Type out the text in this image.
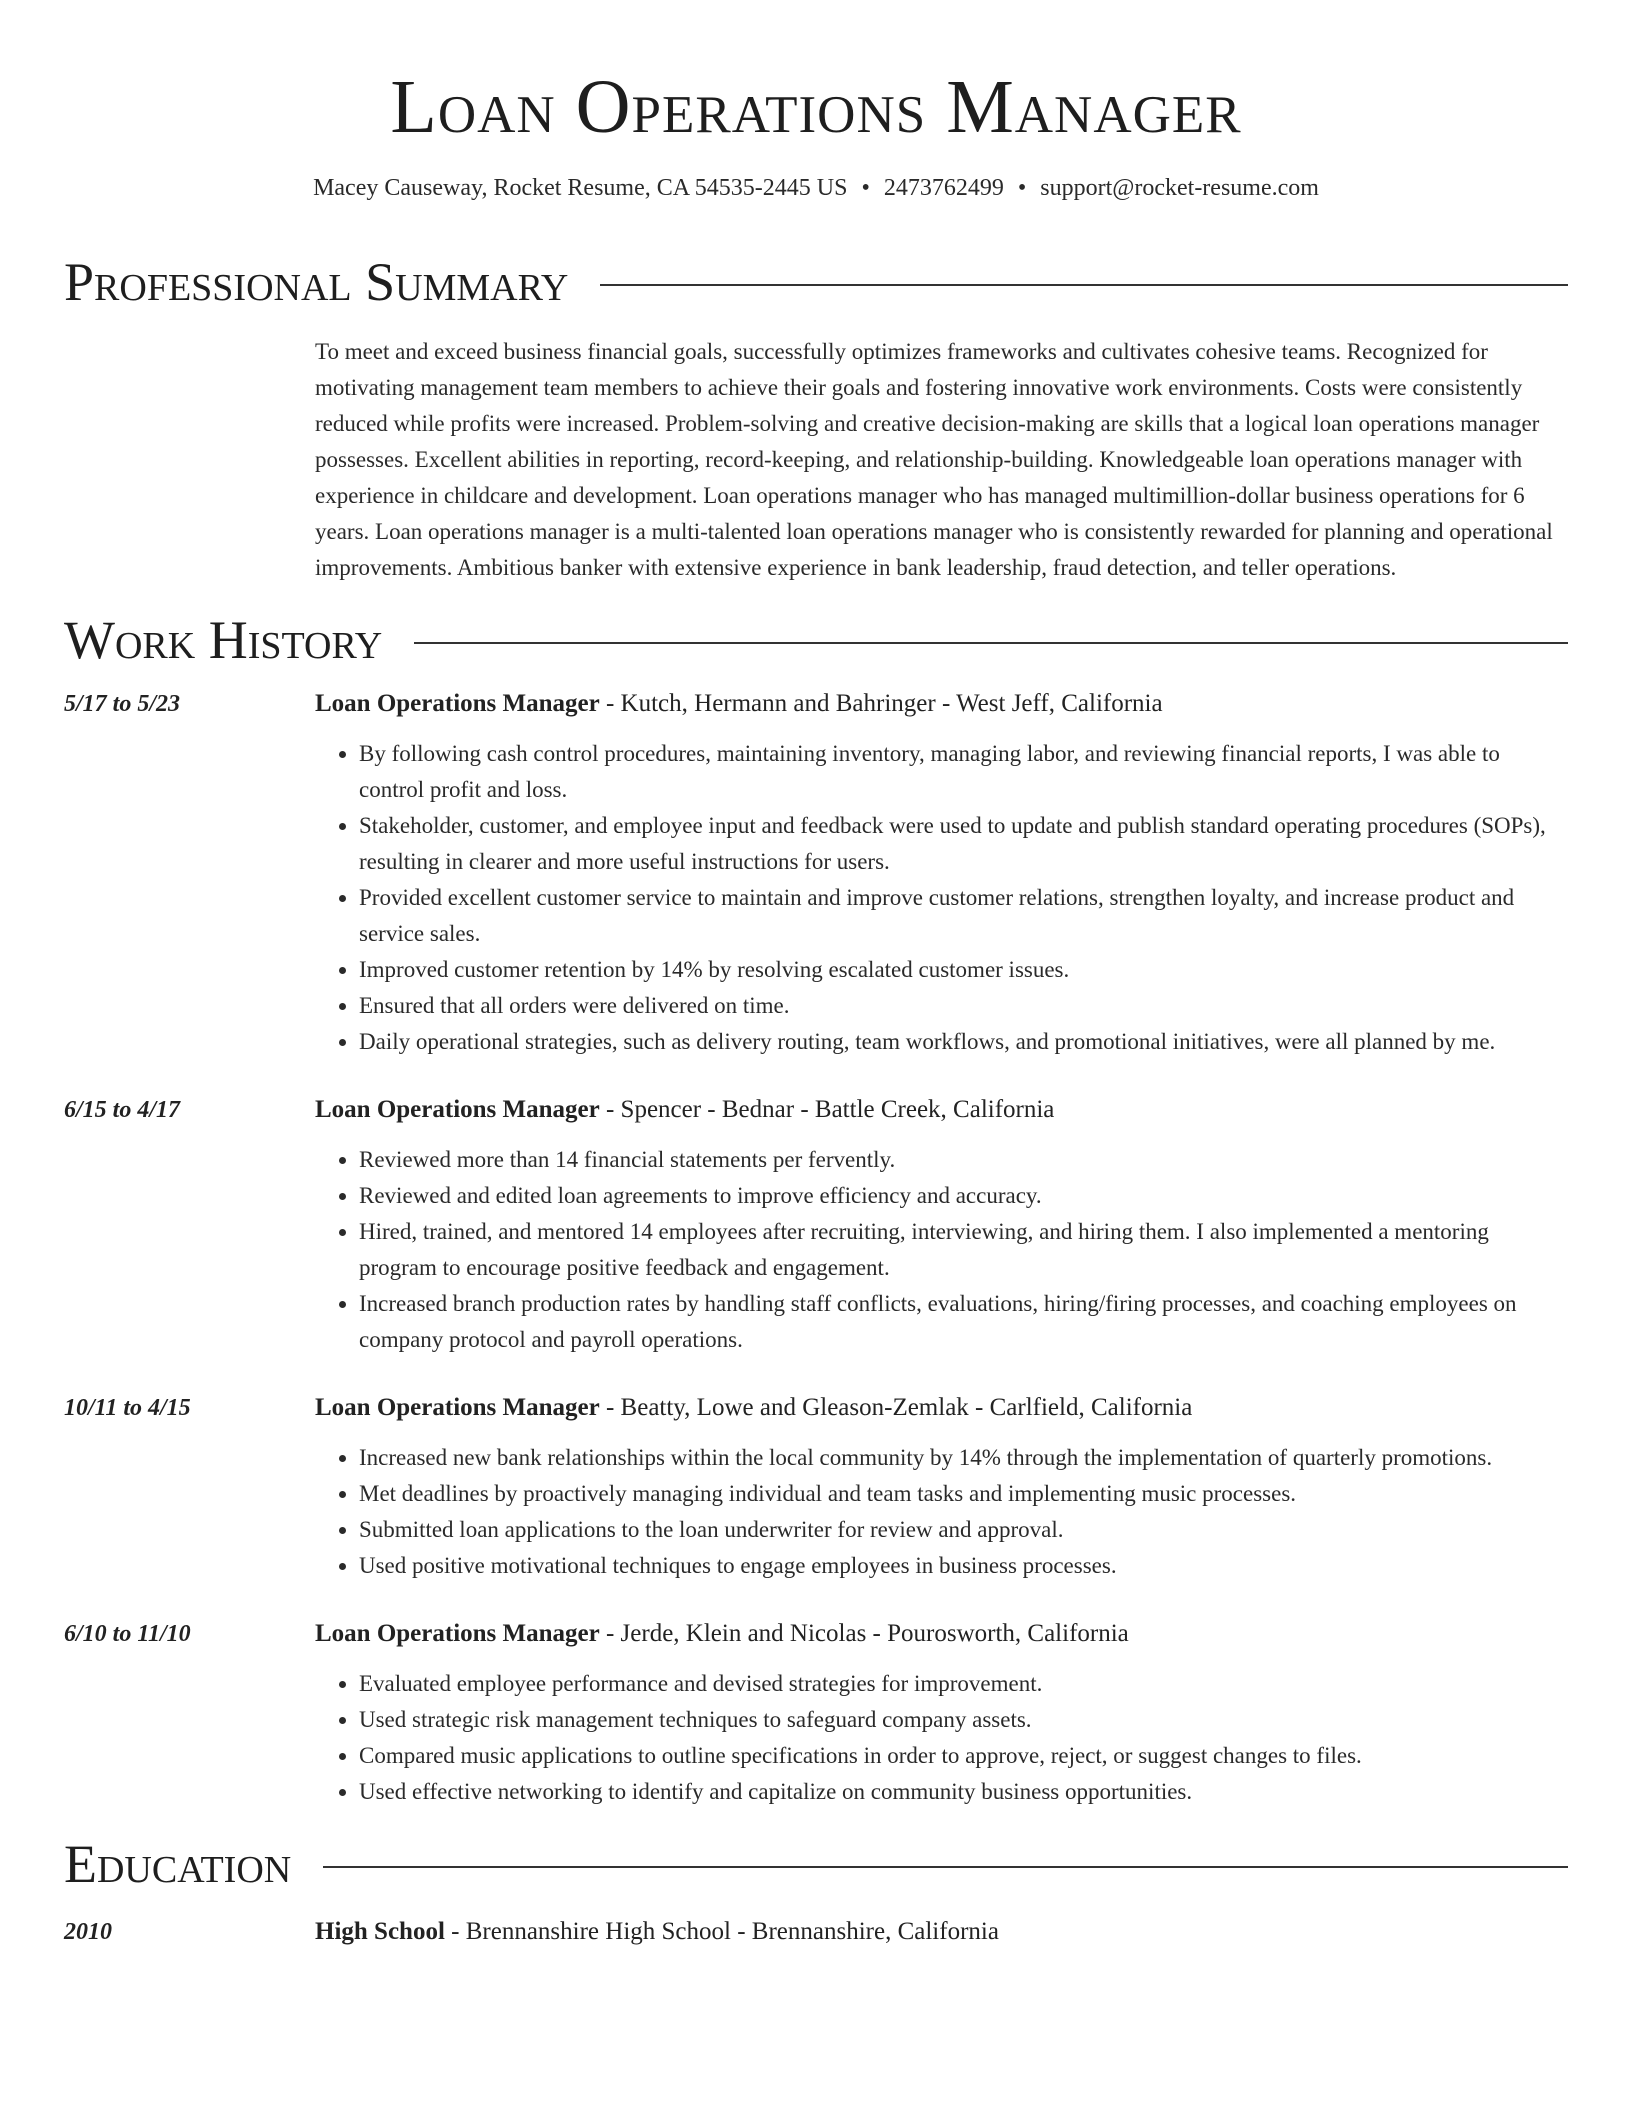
Loan Operations Manager
Macey Causeway, Rocket Resume, CA 54535-2445 US • 2473762499 • support@rocket-resume.com
Professional Summary
To meet and exceed business financial goals, successfully optimizes frameworks and cultivates cohesive teams. Recognized for motivating management team members to achieve their goals and fostering innovative work environments. Costs were consistently reduced while profits were increased. Problem-solving and creative decision-making are skills that a logical loan operations manager possesses. Excellent abilities in reporting, record-keeping, and relationship-building. Knowledgeable loan operations manager with experience in childcare and development. Loan operations manager who has managed multimillion-dollar business operations for 6 years. Loan operations manager is a multi-talented loan operations manager who is consistently rewarded for planning and operational improvements. Ambitious banker with extensive experience in bank leadership, fraud detection, and teller operations.
Work History
5/17 to 5/23	Loan Operations Manager - Kutch, Hermann and Bahringer - West Jeff, California
• By following cash control procedures, maintaining inventory, managing labor, and reviewing financial reports, I was able to control profit and loss.
• Stakeholder, customer, and employee input and feedback were used to update and publish standard operating procedures (SOPs), resulting in clearer and more useful instructions for users.
• Provided excellent customer service to maintain and improve customer relations, strengthen loyalty, and increase product and service sales.
• Improved customer retention by 14% by resolving escalated customer issues.
• Ensured that all orders were delivered on time.
• Daily operational strategies, such as delivery routing, team workflows, and promotional initiatives, were all planned by me.
6/15 to 4/17	Loan Operations Manager - Spencer - Bednar - Battle Creek, California
• Reviewed more than 14 financial statements per fervently.
• Reviewed and edited loan agreements to improve efficiency and accuracy.
• Hired, trained, and mentored 14 employees after recruiting, interviewing, and hiring them. I also implemented a mentoring program to encourage positive feedback and engagement.
• Increased branch production rates by handling staff conflicts, evaluations, hiring/firing processes, and coaching employees on company protocol and payroll operations.
10/11 to 4/15	Loan Operations Manager - Beatty, Lowe and Gleason-Zemlak - Carlfield, California
• Increased new bank relationships within the local community by 14% through the implementation of quarterly promotions.
• Met deadlines by proactively managing individual and team tasks and implementing music processes.
• Submitted loan applications to the loan underwriter for review and approval.
• Used positive motivational techniques to engage employees in business processes.
6/10 to 11/10	Loan Operations Manager - Jerde, Klein and Nicolas - Pourosworth, California
• Evaluated employee performance and devised strategies for improvement.
• Used strategic risk management techniques to safeguard company assets.
• Compared music applications to outline specifications in order to approve, reject, or suggest changes to files.
• Used effective networking to identify and capitalize on community business opportunities.
Education
2010	High School - Brennanshire High School - Brennanshire, California
